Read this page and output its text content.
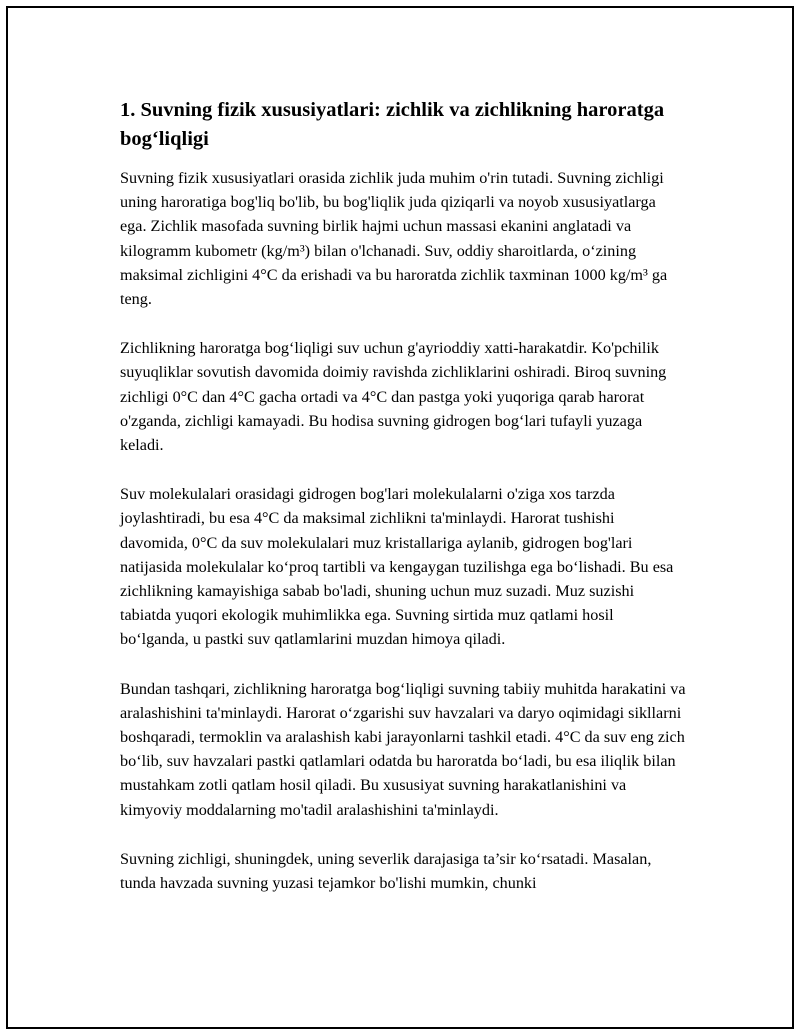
1. Suvning fizik xususiyatlari: zichlik va zichlikning haroratga bog‘liqligi

Suvning fizik xususiyatlari orasida zichlik juda muhim o'rin tutadi. Suvning zichligi uning haroratiga bog'liq bo'lib, bu bog'liqlik juda qiziqarli va noyob xususiyatlarga ega. Zichlik masofada suvning birlik hajmi uchun massasi ekanini anglatadi va kilogramm kubometr (kg/m³) bilan o'lchanadi. Suv, oddiy sharoitlarda, o‘zining maksimal zichligini 4°C da erishadi va bu haroratda zichlik taxminan 1000 kg/m³ ga teng.

Zichlikning haroratga bog‘liqligi suv uchun g'ayrioddiy xatti-harakatdir. Ko'pchilik suyuqliklar sovutish davomida doimiy ravishda zichliklarini oshiradi. Biroq suvning zichligi 0°C dan 4°C gacha ortadi va 4°C dan pastga yoki yuqoriga qarab harorat o'zganda, zichligi kamayadi. Bu hodisa suvning gidrogen bog‘lari tufayli yuzaga keladi.

Suv molekulalari orasidagi gidrogen bog'lari molekulalarni o'ziga xos tarzda joylashtiradi, bu esa 4°C da maksimal zichlikni ta'minlaydi. Harorat tushishi davomida, 0°C da suv molekulalari muz kristallariga aylanib, gidrogen bog'lari natijasida molekulalar ko‘proq tartibli va kengaygan tuzilishga ega bo‘lishadi. Bu esa zichlikning kamayishiga sabab bo'ladi, shuning uchun muz suzadi. Muz suzishi tabiatda yuqori ekologik muhimlikka ega. Suvning sirtida muz qatlami hosil bo‘lganda, u pastki suv qatlamlarini muzdan himoya qiladi.

Bundan tashqari, zichlikning haroratga bog‘liqligi suvning tabiiy muhitda harakatini va aralashishini ta'minlaydi. Harorat o‘zgarishi suv havzalari va daryo oqimidagi sikllarni boshqaradi, termoklin va aralashish kabi jarayonlarni tashkil etadi. 4°C da suv eng zich bo‘lib, suv havzalari pastki qatlamlari odatda bu haroratda bo‘ladi, bu esa iliqlik bilan mustahkam zotli qatlam hosil qiladi. Bu xususiyat suvning harakatlanishini va kimyoviy moddalarning mo'tadil aralashishini ta'minlaydi.

Suvning zichligi, shuningdek, uning severlik darajasiga ta’sir ko‘rsatadi. Masalan, tunda havzada suvning yuzasi tejamkor bo'lishi mumkin, chunki
